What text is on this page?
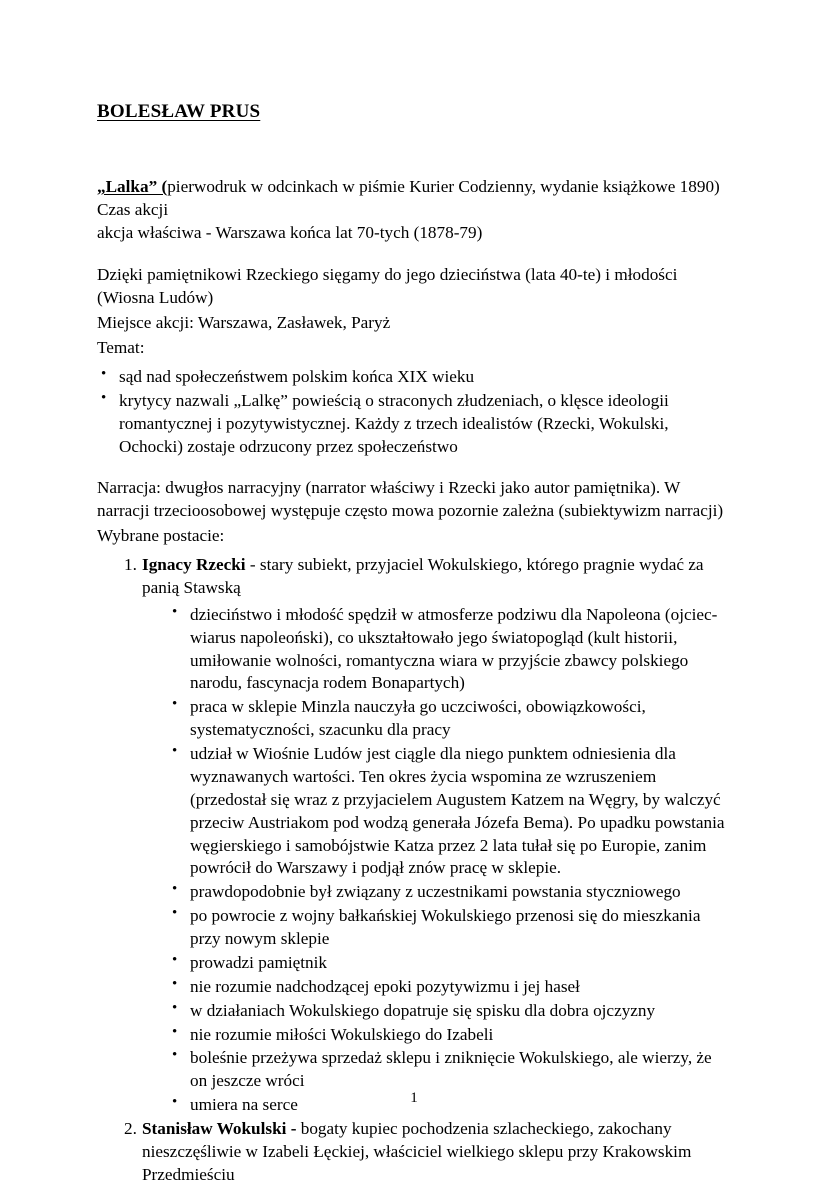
BOLESŁAW PRUS

„Lalka” (pierwodruk w odcinkach w piśmie Kurier Codzienny, wydanie książkowe 1890)

Czas akcji

akcja właściwa - Warszawa końca lat 70-tych (1878-79)

Dzięki pamiętnikowi Rzeckiego sięgamy do jego dzieciństwa (lata 40-te) i młodości (Wiosna Ludów)

Miejsce akcji: Warszawa, Zasławek, Paryż

Temat:

• sąd nad społeczeństwem polskim końca XIX wieku
• krytycy nazwali „Lalkę” powieścią o straconych złudzeniach, o klęsce ideologii romantycznej i pozytywistycznej. Każdy z trzech idealistów (Rzecki, Wokulski, Ochocki) zostaje odrzucony przez społeczeństwo

Narracja: dwugłos narracyjny (narrator właściwy i Rzecki jako autor pamiętnika). W narracji trzecioosobowej występuje często mowa pozornie zależna (subiektywizm narracji)

Wybrane postacie:

Ignacy Rzecki - stary subiekt, przyjaciel Wokulskiego, którego pragnie wydać za panią Stawską
• dzieciństwo i młodość spędził w atmosferze podziwu dla Napoleona (ojciec-wiarus napoleoński), co ukształtowało jego światopogląd (kult historii, umiłowanie wolności, romantyczna wiara w przyjście zbawcy polskiego narodu, fascynacja rodem Bonapartych)
• praca w sklepie Minzla nauczyła go uczciwości, obowiązkowości, systematyczności, szacunku dla pracy
• udział w Wiośnie Ludów jest ciągle dla niego punktem odniesienia dla wyznawanych wartości. Ten okres życia wspomina ze wzruszeniem (przedostał się wraz z przyjacielem Augustem Katzem na Węgry, by walczyć przeciw Austriakom pod wodzą generała Józefa Bema). Po upadku powstania węgierskiego i samobójstwie Katza przez 2 lata tułał się po Europie, zanim powrócił do Warszawy i podjął znów pracę w sklepie.
• prawdopodobnie był związany z uczestnikami powstania styczniowego
• po powrocie z wojny bałkańskiej Wokulskiego przenosi się do mieszkania przy nowym sklepie
• prowadzi pamiętnik
• nie rozumie nadchodzącej epoki pozytywizmu i jej haseł
• w działaniach Wokulskiego dopatruje się spisku dla dobra ojczyzny
• nie rozumie miłości Wokulskiego do Izabeli
• boleśnie przeżywa sprzedaż sklepu i zniknięcie Wokulskiego, ale wierzy, że on jeszcze wróci
• umiera na serce
Stanisław Wokulski - bogaty kupiec pochodzenia szlacheckiego, zakochany nieszczęśliwie w Izabeli Łęckiej, właściciel wielkiego sklepu przy Krakowskim Przedmieściu
1
